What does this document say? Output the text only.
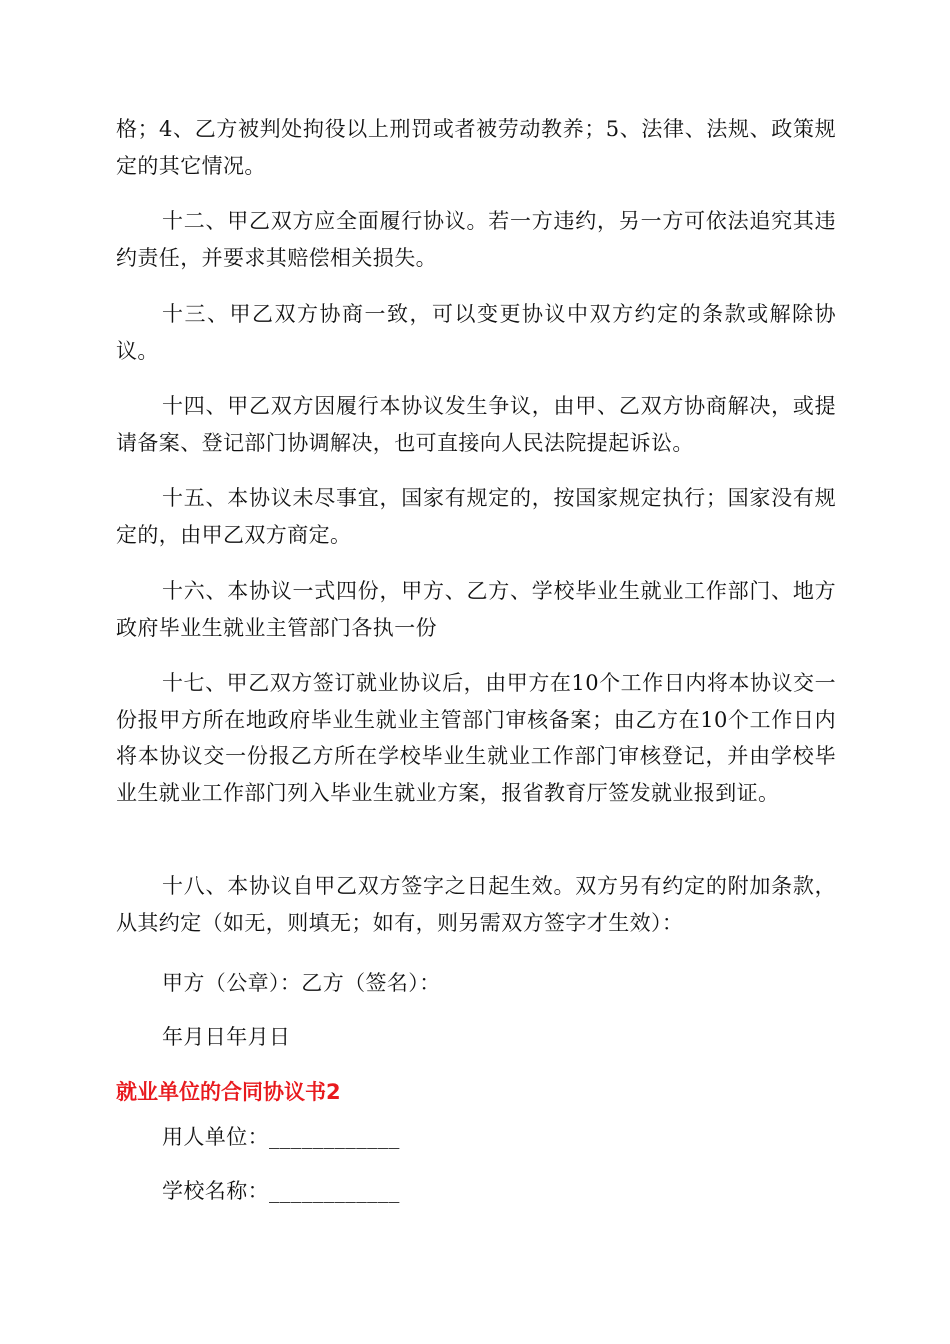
格；4、乙方被判处拘役以上刑罚或者被劳动教养；5、法律、法规、政策规定的其它情况。

十二、甲乙双方应全面履行协议。若一方违约，另一方可依法追究其违约责任，并要求其赔偿相关损失。

十三、甲乙双方协商一致，可以变更协议中双方约定的条款或解除协议。

十四、甲乙双方因履行本协议发生争议，由甲、乙双方协商解决，或提请备案、登记部门协调解决，也可直接向人民法院提起诉讼。

十五、本协议未尽事宜，国家有规定的，按国家规定执行；国家没有规定的，由甲乙双方商定。

十六、本协议一式四份，甲方、乙方、学校毕业生就业工作部门、地方政府毕业生就业主管部门各执一份

十七、甲乙双方签订就业协议后，由甲方在10个工作日内将本协议交一份报甲方所在地政府毕业生就业主管部门审核备案；由乙方在10个工作日内将本协议交一份报乙方所在学校毕业生就业工作部门审核登记，并由学校毕业生就业工作部门列入毕业生就业方案，报省教育厅签发就业报到证。

十八、本协议自甲乙双方签字之日起生效。双方另有约定的附加条款，从其约定（如无，则填无；如有，则另需双方签字才生效）：

甲方（公章）：乙方（签名）：

年月日年月日

就业单位的合同协议书2

用人单位：____________

学校名称：____________
